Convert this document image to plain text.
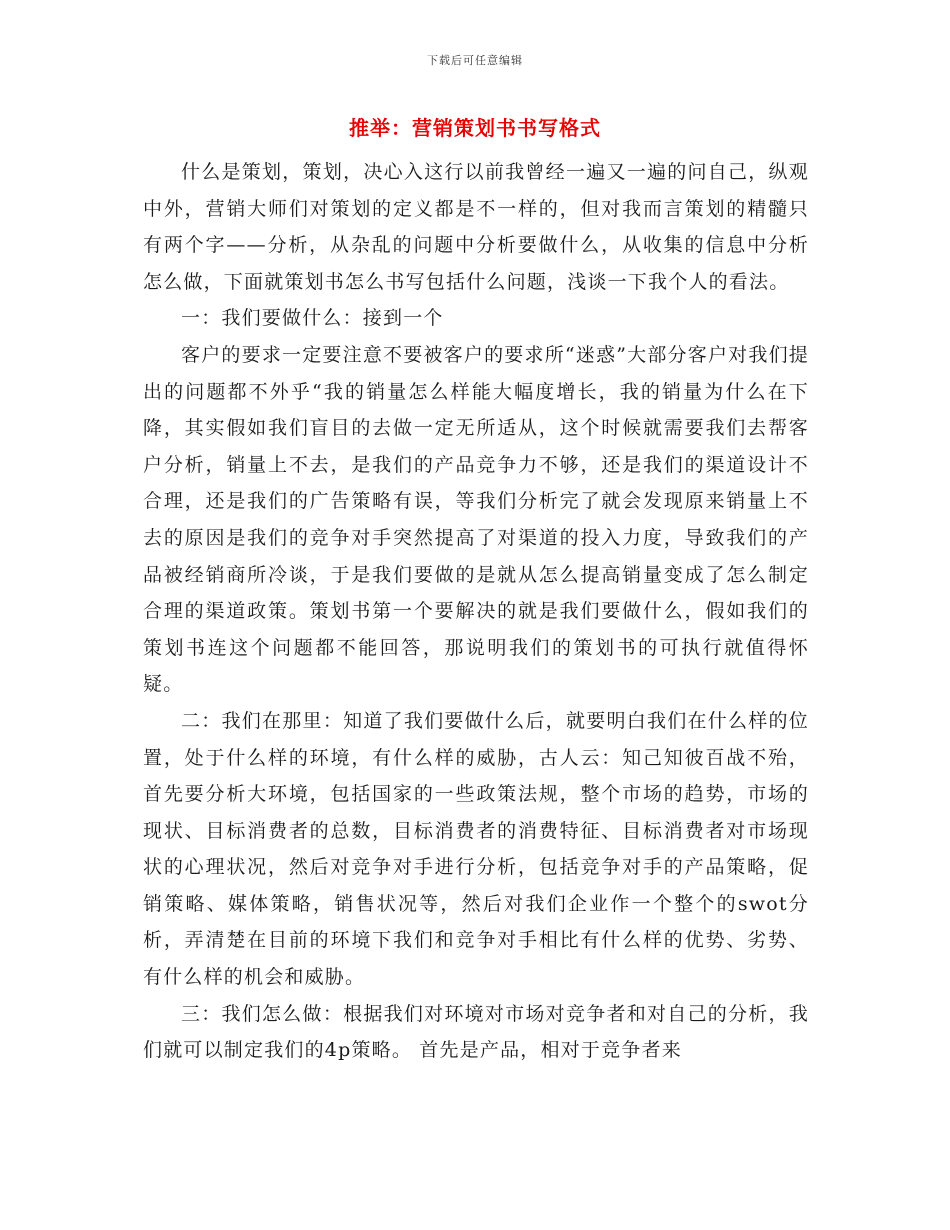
下载后可任意编辑
推举：营销策划书书写格式

什么是策划，策划，决心入这行以前我曾经一遍又一遍的问自己，纵观中外，营销大师们对策划的定义都是不一样的，但对我而言策划的精髓只有两个字——分析，从杂乱的问题中分析要做什么，从收集的信息中分析怎么做，下面就策划书怎么书写包括什么问题，浅谈一下我个人的看法。

一：我们要做什么：接到一个

客户的要求一定要注意不要被客户的要求所“迷惑”大部分客户对我们提出的问题都不外乎“我的销量怎么样能大幅度增长，我的销量为什么在下降，其实假如我们盲目的去做一定无所适从，这个时候就需要我们去帮客户分析，销量上不去，是我们的产品竞争力不够，还是我们的渠道设计不合理，还是我们的广告策略有误，等我们分析完了就会发现原来销量上不去的原因是我们的竞争对手突然提高了对渠道的投入力度，导致我们的产品被经销商所冷谈，于是我们要做的是就从怎么提高销量变成了怎么制定合理的渠道政策。策划书第一个要解决的就是我们要做什么，假如我们的策划书连这个问题都不能回答，那说明我们的策划书的可执行就值得怀疑。

二：我们在那里：知道了我们要做什么后，就要明白我们在什么样的位置，处于什么样的环境，有什么样的威胁，古人云：知己知彼百战不殆，首先要分析大环境，包括国家的一些政策法规，整个市场的趋势，市场的现状、目标消费者的总数，目标消费者的消费特征、目标消费者对市场现状的心理状况，然后对竞争对手进行分析，包括竞争对手的产品策略，促销策略、媒体策略，销售状况等，然后对我们企业作一个整个的swot分析，弄清楚在目前的环境下我们和竞争对手相比有什么样的优势、劣势、有什么样的机会和威胁。

三：我们怎么做：根据我们对环境对市场对竞争者和对自己的分析，我们就可以制定我们的4p策略。 首先是产品，相对于竞争者来
